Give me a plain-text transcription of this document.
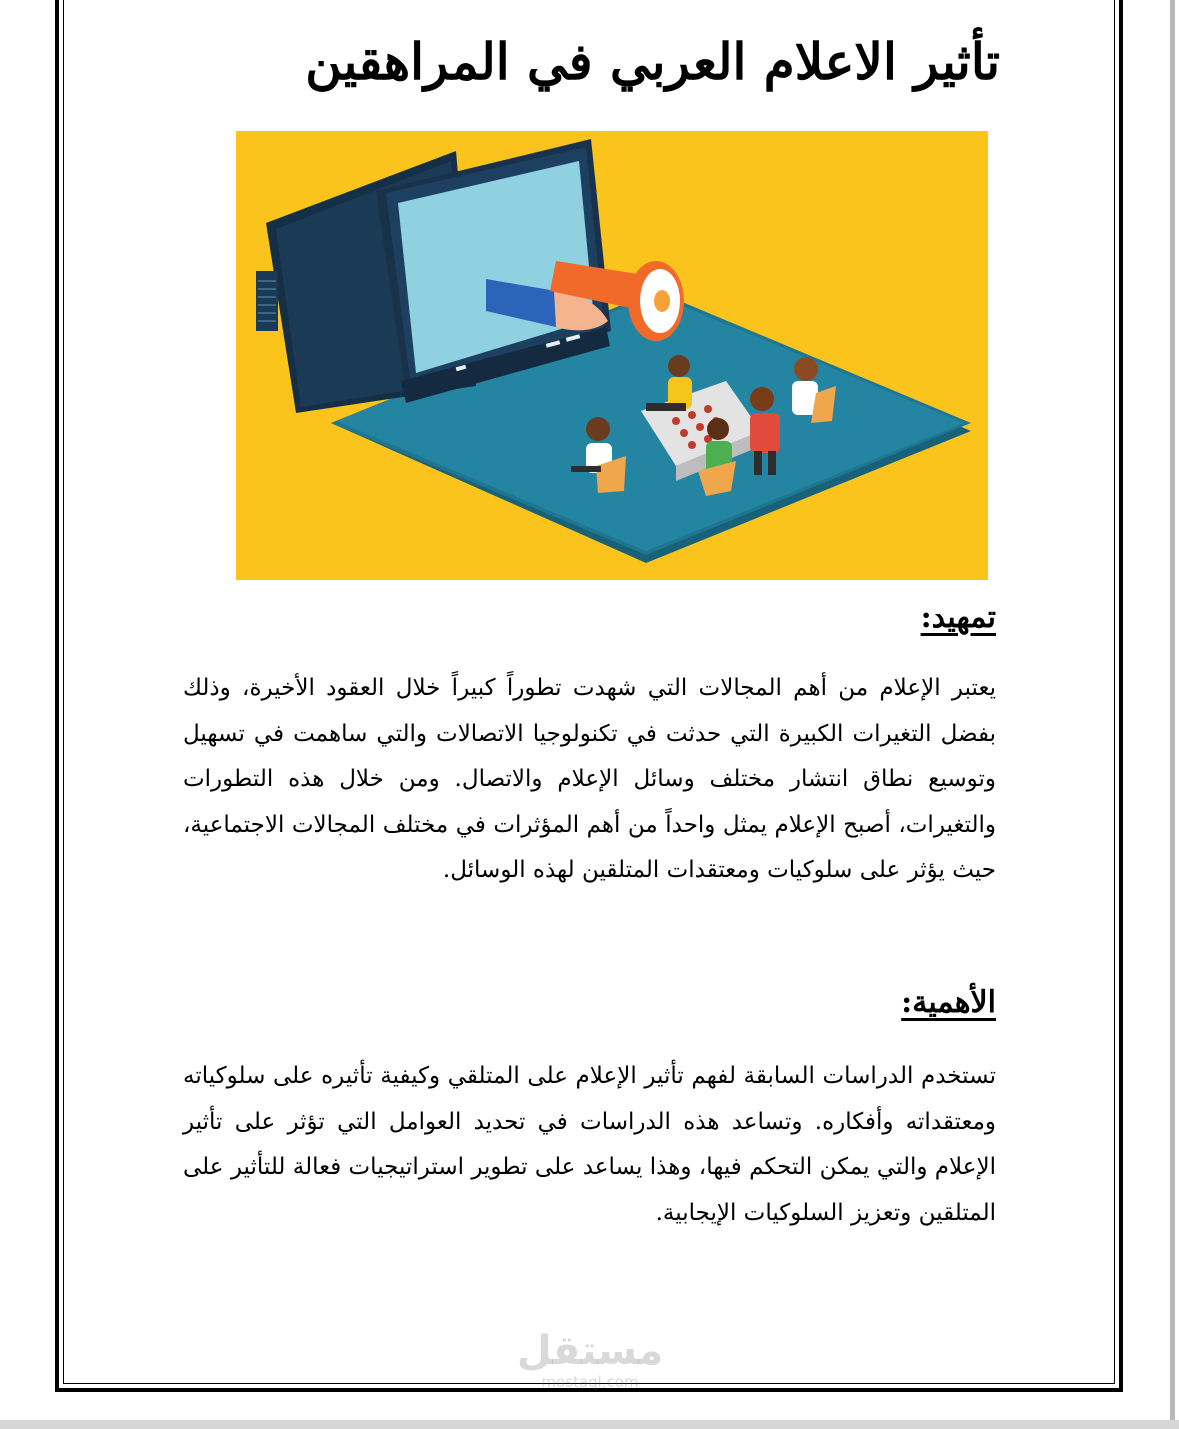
تأثير الاعلام العربي في المراهقين
تمهيد:

يعتبر الإعلام من أهم المجالات التي شهدت تطوراً كبيراً خلال العقود الأخيرة، وذلك بفضل التغيرات الكبيرة التي حدثت في تكنولوجيا الاتصالات والتي ساهمت في تسهيل وتوسيع نطاق انتشار مختلف وسائل الإعلام والاتصال. ومن خلال هذه التطورات والتغيرات، أصبح الإعلام يمثل واحداً من أهم المؤثرات في مختلف المجالات الاجتماعية، حيث يؤثر على سلوكيات ومعتقدات المتلقين لهذه الوسائل.

الأهمية:

تستخدم الدراسات السابقة لفهم تأثير الإعلام على المتلقي وكيفية تأثيره على سلوكياته ومعتقداته وأفكاره. وتساعد هذه الدراسات في تحديد العوامل التي تؤثر على تأثير الإعلام والتي يمكن التحكم فيها، وهذا يساعد على تطوير استراتيجيات فعالة للتأثير على المتلقين وتعزيز السلوكيات الإيجابية.

مستقل
mostaql.com
